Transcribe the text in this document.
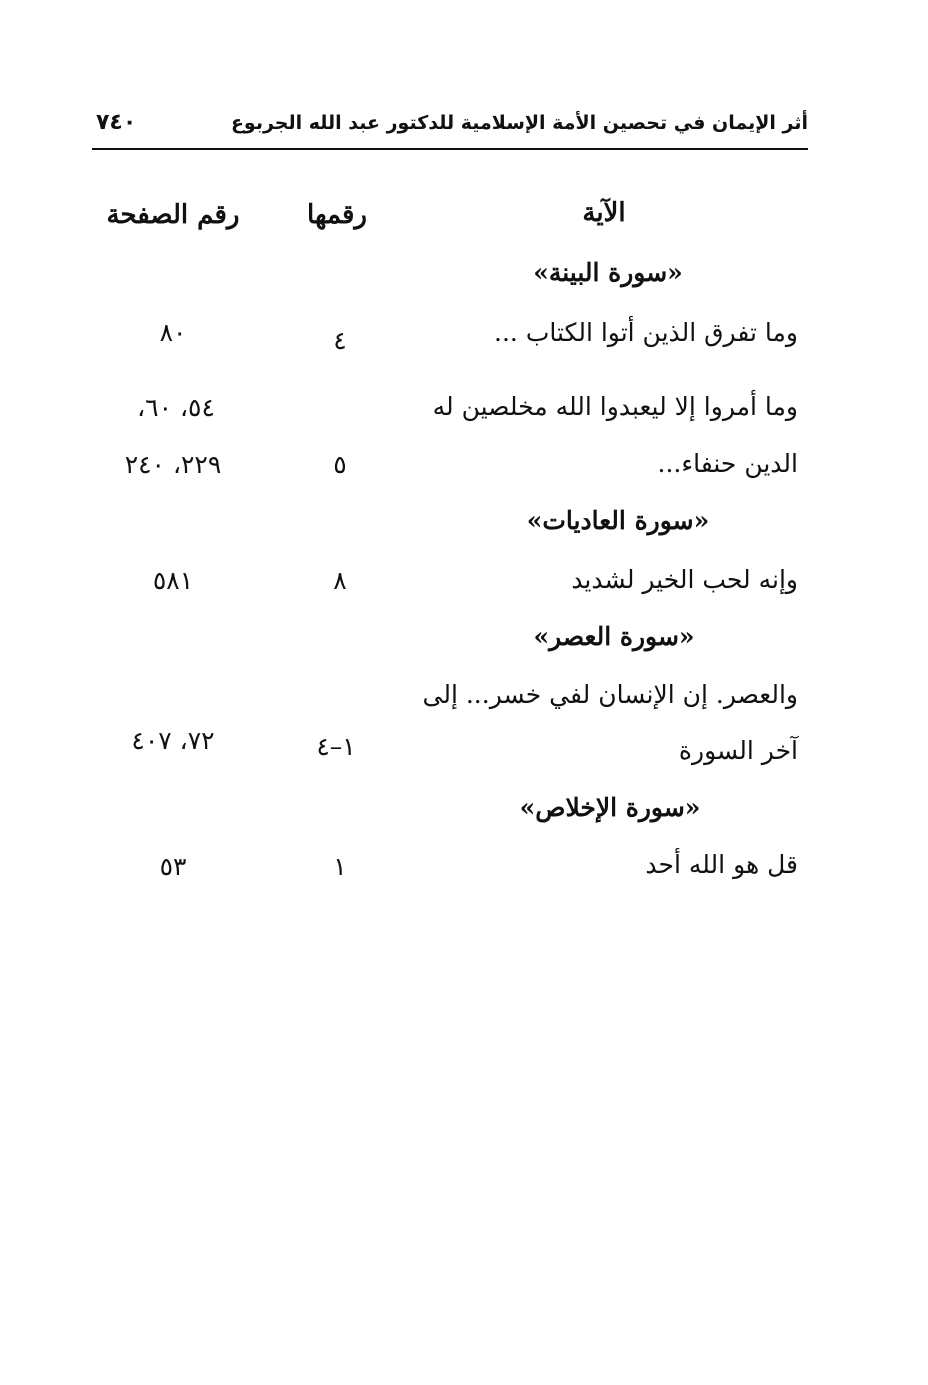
أثر الإيمان في تحصين الأمة الإسلامية للدكتور عبد الله الجربوع
٧٤٠
الآية
رقمها
رقم الصفحة
«سورة البينة»
وما تفرق الذين أتوا الكتاب ...
٤
٨٠
وما أمروا إلا ليعبدوا الله مخلصين له
٥٤، ٦٠،
الدين حنفاء...
٥
٢٢٩، ٢٤٠
«سورة العاديات»
وإنه لحب الخير لشديد
٨
٥٨١
«سورة العصر»
والعصر. إن الإنسان لفي خسر... إلى
١–٤
٧٢، ٤٠٧	آخر السورة
«سورة الإخلاص»
قل هو الله أحد
١
٥٣
